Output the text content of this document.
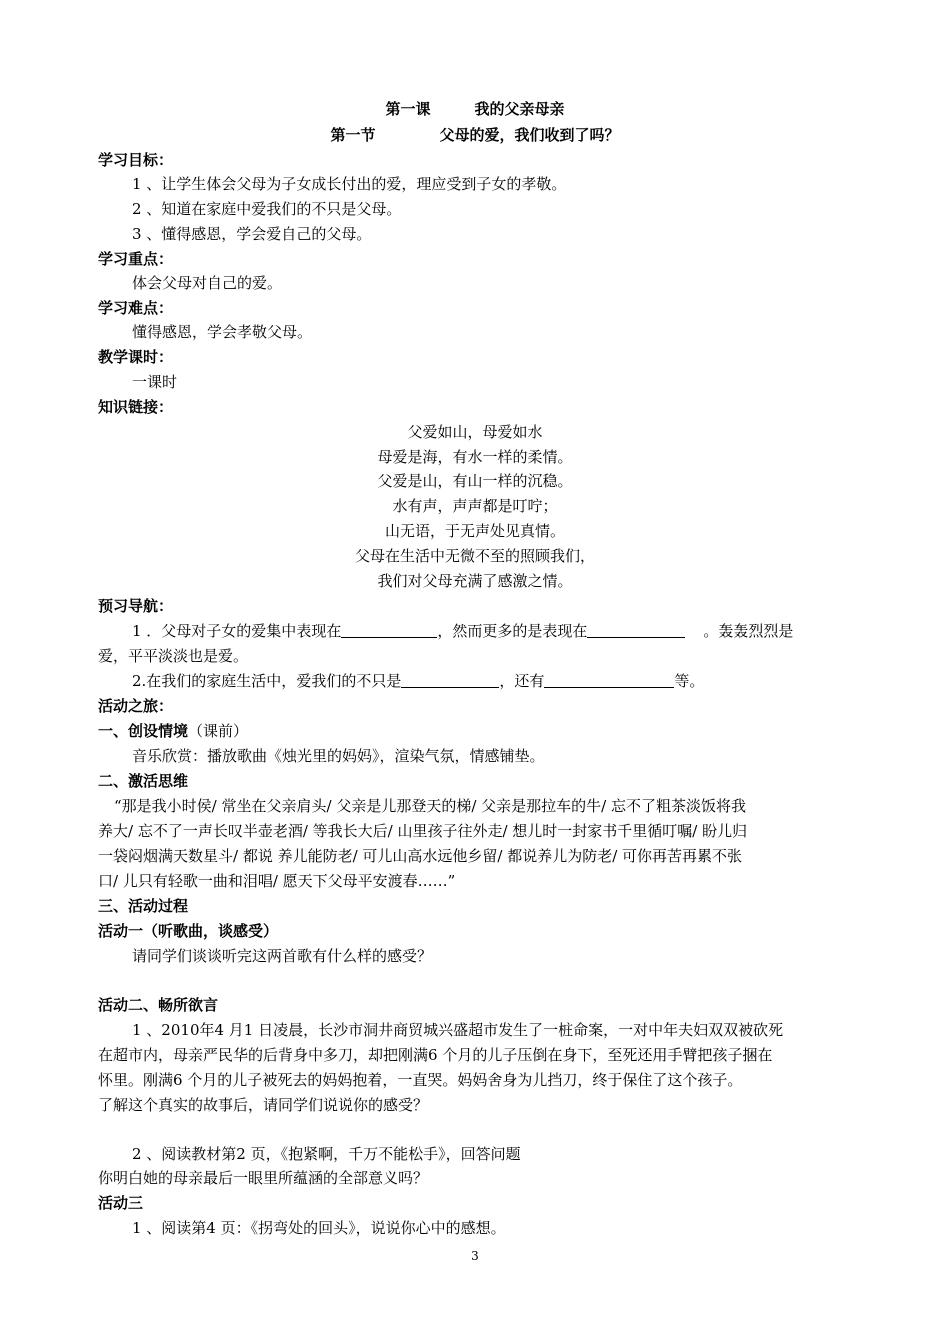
第一课	我的父亲母亲
第一节	父母的爱，我们收到了吗？
学习目标：
1 、让学生体会父母为子女成长付出的爱，理应受到子女的孝敬。
2 、知道在家庭中爱我们的不只是父母。
3 、懂得感恩，学会爱自己的父母。
学习重点：
体会父母对自己的爱。
学习难点：
懂得感恩，学会孝敬父母。
教学课时：
一课时
知识链接：
父爱如山，母爱如水
母爱是海，有水一样的柔情。
父爱是山，有山一样的沉稳。
水有声，声声都是叮咛；
山无语，于无声处见真情。
父母在生活中无微不至的照顾我们，
我们对父母充满了感激之情。
预习导航：
1 ．父母对子女的爱集中表现在	，然而更多的是表现在	。轰轰烈烈是
爱，平平淡淡也是爱。
2.在我们的家庭生活中，爱我们的不只是	，还有	等。
活动之旅：
一、创设情境（课前）
音乐欣赏：播放歌曲《烛光里的妈妈》，渲染气氛，情感铺垫。
二、激活思维
“那是我小时侯/ 常坐在父亲肩头/ 父亲是儿那登天的梯/ 父亲是那拉车的牛/ 忘不了粗茶淡饭将我
养大/ 忘不了一声长叹半壶老酒/ 等我长大后/ 山里孩子往外走/ 想儿时一封家书千里循叮嘱/ 盼儿归
一袋闷烟满天数星斗/ 都说 养儿能防老/ 可儿山高水远他乡留/ 都说养儿为防老/ 可你再苦再累不张
口/ 儿只有轻歌一曲和泪唱/ 愿天下父母平安渡春……”
三、活动过程
活动一（听歌曲，谈感受）
请同学们谈谈听完这两首歌有什么样的感受？
活动二、畅所欲言
1 、2010年4 月1 日凌晨，长沙市洞井商贸城兴盛超市发生了一桩命案，一对中年夫妇双双被砍死
在超市内，母亲严民华的后背身中多刀，却把刚满6 个月的儿子压倒在身下，至死还用手臂把孩子捆在
怀里。刚满6 个月的儿子被死去的妈妈抱着，一直哭。妈妈舍身为儿挡刀，终于保住了这个孩子。
了解这个真实的故事后，请同学们说说你的感受？
2 、阅读教材第2 页，《抱紧啊，千万不能松手》，回答问题
你明白她的母亲最后一眼里所蕴涵的全部意义吗？
活动三
1 、阅读第4 页：《拐弯处的回头》，说说你心中的感想。
3
